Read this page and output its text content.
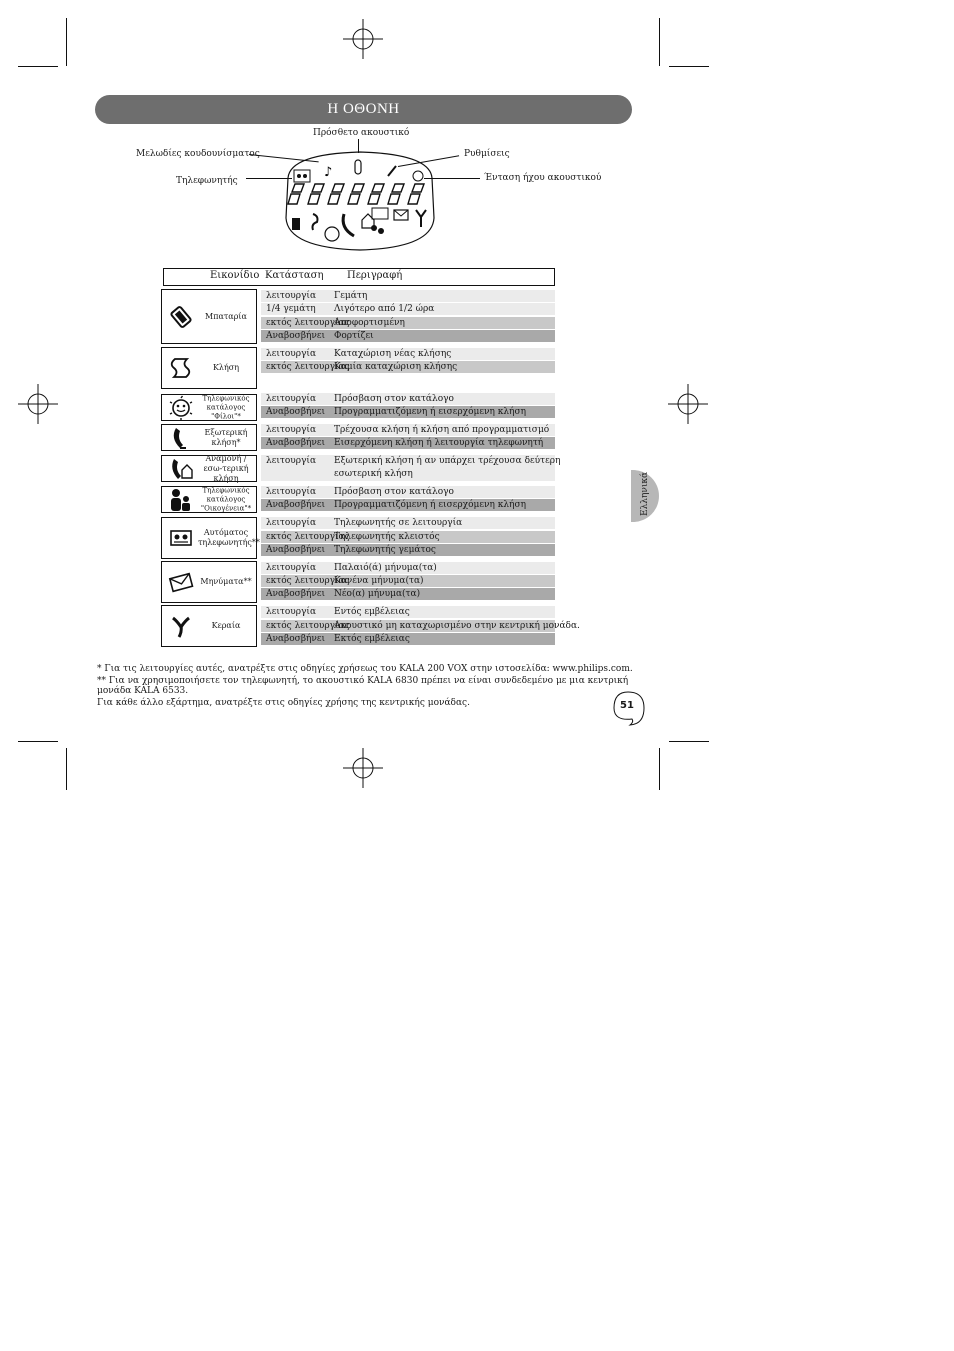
Η ΟΘΟΝΗ
Πρόσθετο ακουστικό
Μελωδίες κουδουνίσματος	Ρυθμίσεις
Τηλεφωνητής	Ένταση ήχου ακουστικού
♪
Εικονίδιο Κατάσταση Περιγραφή
Μπαταρία
λειτουργία Γεμάτη
1/4 γεμάτη Λιγότερο από 1/2 ώρα
εκτός λειτουργίας
Αποφορτισμένη
Αναβοσβήνει Φορτίζει
Κλήση
λειτουργία Καταχώριση νέας κλήσης
εκτός λειτουργίας
Καμία καταχώριση κλήσης
Τηλεφωνικός κατάλογος "Φίλοι"*
λειτουργία Πρόσβαση στον κατάλογο
Αναβοσβήνει Προγραμματιζόμενη ή εισερχόμενη κλήση
Εξωτερική κλήση*
λειτουργία Τρέχουσα κλήση ή κλήση από προγραμματισμό
Αναβοσβήνει Εισερχόμενη κλήση ή λειτουργία τηλεφωνητή
Αναμονή /εσω-τερική κλήση
λειτουργία Εξωτερική κλήση ή αν υπάρχει τρέχουσα δεύτερη
εσωτερική κλήση
Τηλεφωνικός κατάλογος "Οικογένεια"*
λειτουργία Πρόσβαση στον κατάλογο
Αναβοσβήνει Προγραμματιζόμενη ή εισερχόμενη κλήση
Αυτόματος τηλεφωνητής**
λειτουργία Τηλεφωνητής σε λειτουργία
εκτός λειτουργίας
Τηλεφωνητής κλειστός
Αναβοσβήνει Τηλεφωνητής γεμάτος
Μηνύματα**
λειτουργία Παλαιό(ά) μήνυμα(τα)
εκτός λειτουργίας
Κανένα μήνυμα(τα)
Αναβοσβήνει Νέο(α) μήνυμα(τα)
Κεραία
λειτουργία Εντός εμβέλειας
εκτός λειτουργίας
Ακουστικό μη καταχωρισμένο στην κεντρική μονάδα.
Αναβοσβήνει Εκτός εμβέλειας
* Για τις λειτουργίες αυτές, ανατρέξτε στις οδηγίες χρήσεως του KALA 200 VOX στην ιστοσελίδα: www.philips.com.
** Για να χρησιμοποιήσετε τον τηλεφωνητή, το ακουστικό KALA 6830 πρέπει να είναι συνδεδεμένο με μια κεντρική
μονάδα KALA 6533.
Για κάθε άλλο εξάρτημα, ανατρέξτε στις οδηγίες χρήσης της κεντρικής μονάδας.
Ελληνικά
51
